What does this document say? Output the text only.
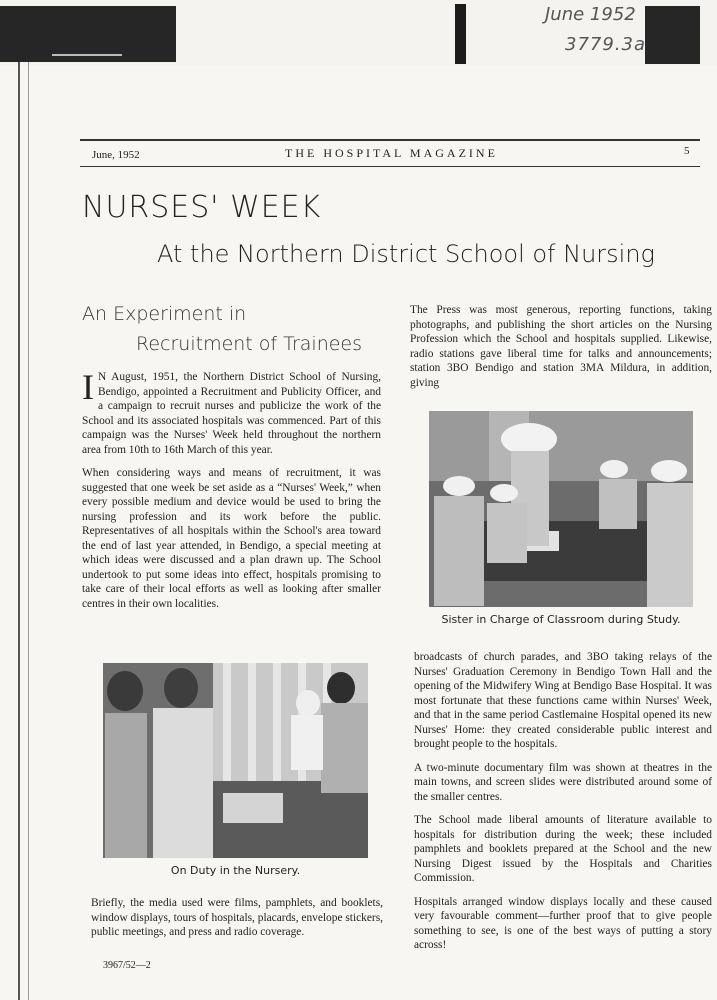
June 1952
3779.3a
June, 1952	THE HOSPITAL MAGAZINE	5
NURSES' WEEK
At the Northern District School of Nursing
An Experiment in
Recruitment of Trainees

I N August, 1951, the Northern District School of Nursing, Bendigo, appointed a Recruitment and Publicity Officer, and a campaign to recruit nurses and publicize the work of the School and its associated hospitals was commenced. Part of this campaign was the Nurses' Week held throughout the northern area from 10th to 16th March of this year.

When considering ways and means of recruitment, it was suggested that one week be set aside as a “Nurses' Week,” when every possible medium and device would be used to bring the nursing profession and its work before the public. Representatives of all hospitals within the School's area toward the end of last year attended, in Bendigo, a special meeting at which ideas were discussed and a plan drawn up. The School undertook to put some ideas into effect, hospitals promising to take care of their local efforts as well as looking after smaller centres in their own localities.

On Duty in the Nursery.

Briefly, the media used were films, pamphlets, and booklets, window displays, tours of hospitals, placards, envelope stickers, public meetings, and press and radio coverage.

3967/52—2

The Press was most generous, reporting functions, taking photographs, and publishing the short articles on the Nursing Profession which the School and hospitals supplied. Likewise, radio stations gave liberal time for talks and announcements; station 3BO Bendigo and station 3MA Mildura, in addition, giving

Sister in Charge of Classroom during Study.

broadcasts of church parades, and 3BO taking relays of the Nurses' Graduation Ceremony in Bendigo Town Hall and the opening of the Midwifery Wing at Bendigo Base Hospital. It was most fortunate that these functions came within Nurses' Week, and that in the same period Castlemaine Hospital opened its new Nurses' Home: they created considerable public interest and brought people to the hospitals.

A two-minute documentary film was shown at theatres in the main towns, and screen slides were distributed around some of the smaller centres.

The School made liberal amounts of literature available to hospitals for distribution during the week; these included pamphlets and booklets prepared at the School and the new Nursing Digest issued by the Hospitals and Charities Commission.

Hospitals arranged window displays locally and these caused very favourable comment—further proof that to give people something to see, is one of the best ways of putting a story across!
